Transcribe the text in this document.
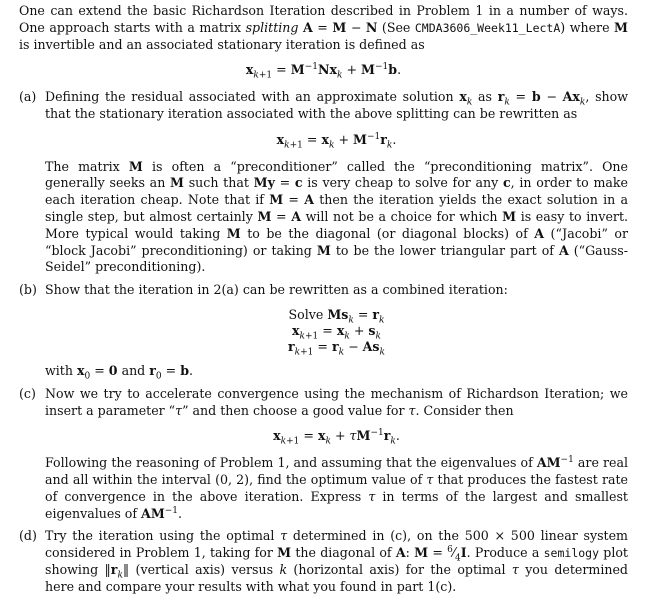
One can extend the basic Richardson Iteration described in Problem 1 in a number of ways. One approach starts with a matrix splitting A = M − N (See CMDA3606_Week11_LectA) where M is invertible and an associated stationary iteration is defined as

$x_{k+1} = M^{-1}Nx_k + M^{-1}b$.
(a) Defining the residual associated with an approximate solution $x_k$ as $r_k = b - Ax_k$, show that the stationary iteration associated with the above splitting can be rewritten as

$x_{k+1} = x_k + M^{-1}r_k$.

The matrix M is often a “preconditioner” called the “preconditioning matrix”. One generally seeks an M such that My = c is very cheap to solve for any c, in order to make each iteration cheap. Note that if M = A then the iteration yields the exact solution in a single step, but almost certainly M = A will not be a choice for which M is easy to invert. More typical would taking M to be the diagonal (or diagonal blocks) of A (“Jacobi” or “block Jacobi” preconditioning) or taking M to be the lower triangular part of A (“Gauss-Seidel” preconditioning).

(b) Show that the iteration in 2(a) can be rewritten as a combined iteration:

Solve $Ms_k = r_k$
$x_{k+1} = x_k + s_k$
$r_{k+1} = r_k - As_k$

with $x_0 = 0$ and $r_0 = b$.

(c) Now we try to accelerate convergence using the mechanism of Richardson Iteration; we insert a parameter “τ” and then choose a good value for τ. Consider then

$x_{k+1} = x_k + \tau M^{-1}r_k$.

Following the reasoning of Problem 1, and assuming that the eigenvalues of $AM^{-1}$ are real and all within the interval (0, 2), find the optimum value of τ that produces the fastest rate of convergence in the above iteration. Express τ in terms of the largest and smallest eigenvalues of $AM^{-1}$.

(d) Try the iteration using the optimal τ determined in (c), on the 500 × 500 linear system considered in Problem 1, taking for M the diagonal of A: $M = ^6⁄_4I$. Produce a semilogy plot showing $‖r_k‖$ (vertical axis) versus k (horizontal axis) for the optimal τ you determined here and compare your results with what you found in part 1(c).
